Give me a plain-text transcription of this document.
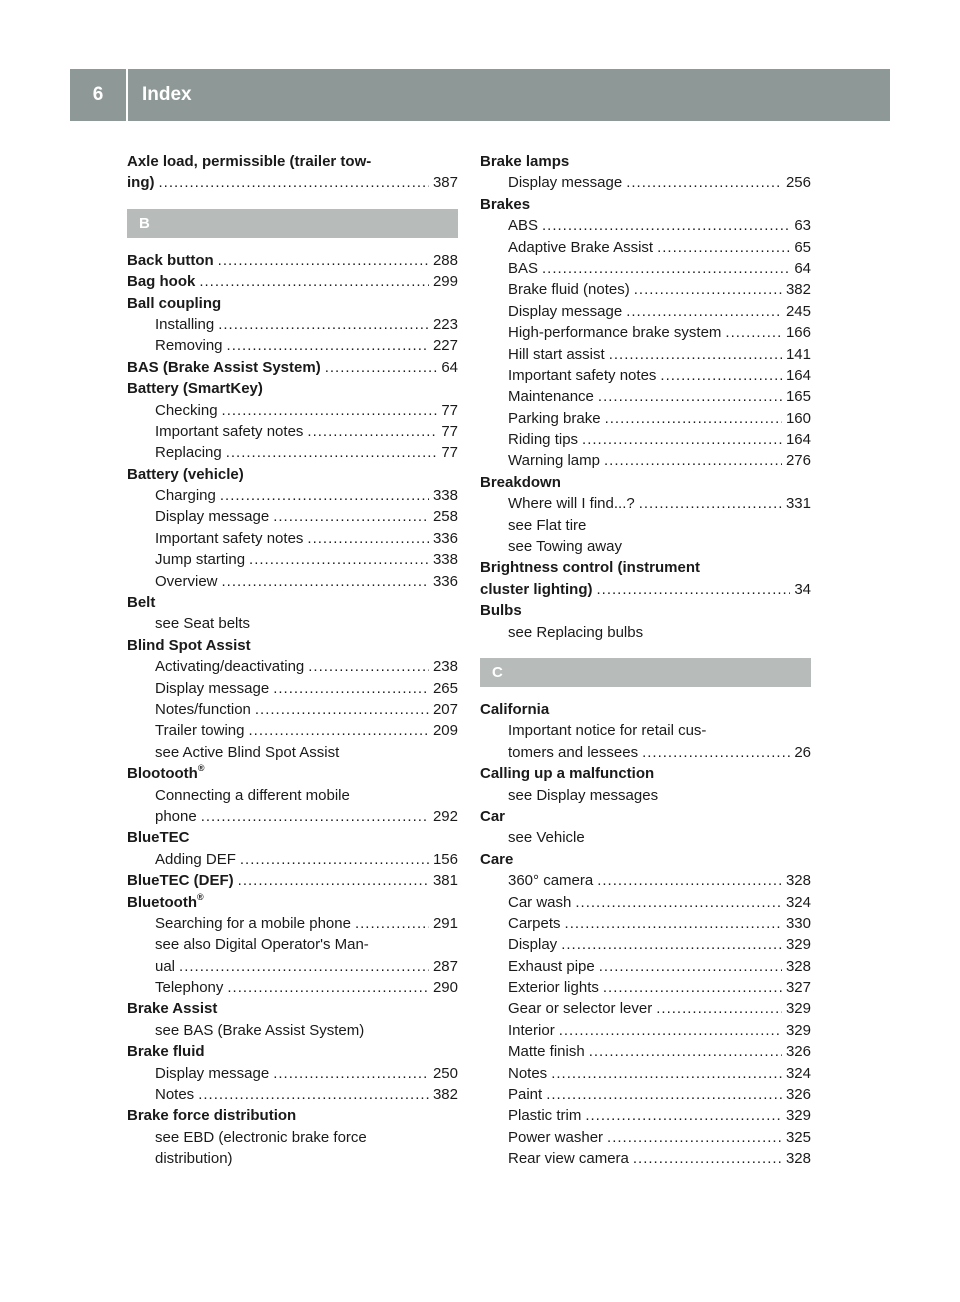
6	Index
Axle load, permissible (trailer tow-
ing) .....	387
B
Back button .....	288
Bag hook .....	299
Ball coupling
Installing .....	223
Removing .....	227
BAS (Brake Assist System) .....	64
Battery (SmartKey)
Checking .....	77
Important safety notes .....	77
Replacing .....	77
Battery (vehicle)
Charging .....	338
Display message .....	258
Important safety notes .....	336
Jump starting .....	338
Overview .....	336
Belt
see Seat belts
Blind Spot Assist
Activating/deactivating .....	238
Display message .....	265
Notes/function .....	207
Trailer towing .....	209
see Active Blind Spot Assist
Blootooth®
Connecting a different mobile
phone .....	292
BlueTEC
Adding DEF .....	156
BlueTEC (DEF) .....	381
Bluetooth®
Searching for a mobile phone .....	291
see also Digital Operator's Man-
ual .....	287
Telephony .....	290
Brake Assist
see BAS (Brake Assist System)
Brake fluid
Display message .....	250
Notes .....	382
Brake force distribution
see EBD (electronic brake force
distribution)
Brake lamps
Display message .....	256
Brakes
ABS .....	63
Adaptive Brake Assist .....	65
BAS .....	64
Brake fluid (notes) .....	382
Display message .....	245
High-performance brake system .....	166
Hill start assist .....	141
Important safety notes .....	164
Maintenance .....	165
Parking brake .....	160
Riding tips .....	164
Warning lamp .....	276
Breakdown
Where will I find...? .....	331
see Flat tire
see Towing away
Brightness control (instrument
cluster lighting) .....	34
Bulbs
see Replacing bulbs
C
California
Important notice for retail cus-
tomers and lessees .....	26
Calling up a malfunction
see Display messages
Car
see Vehicle
Care
360° camera .....	328
Car wash .....	324
Carpets .....	330
Display .....	329
Exhaust pipe .....	328
Exterior lights .....	327
Gear or selector lever .....	329
Interior .....	329
Matte finish .....	326
Notes .....	324
Paint .....	326
Plastic trim .....	329
Power washer .....	325
Rear view camera .....	328
